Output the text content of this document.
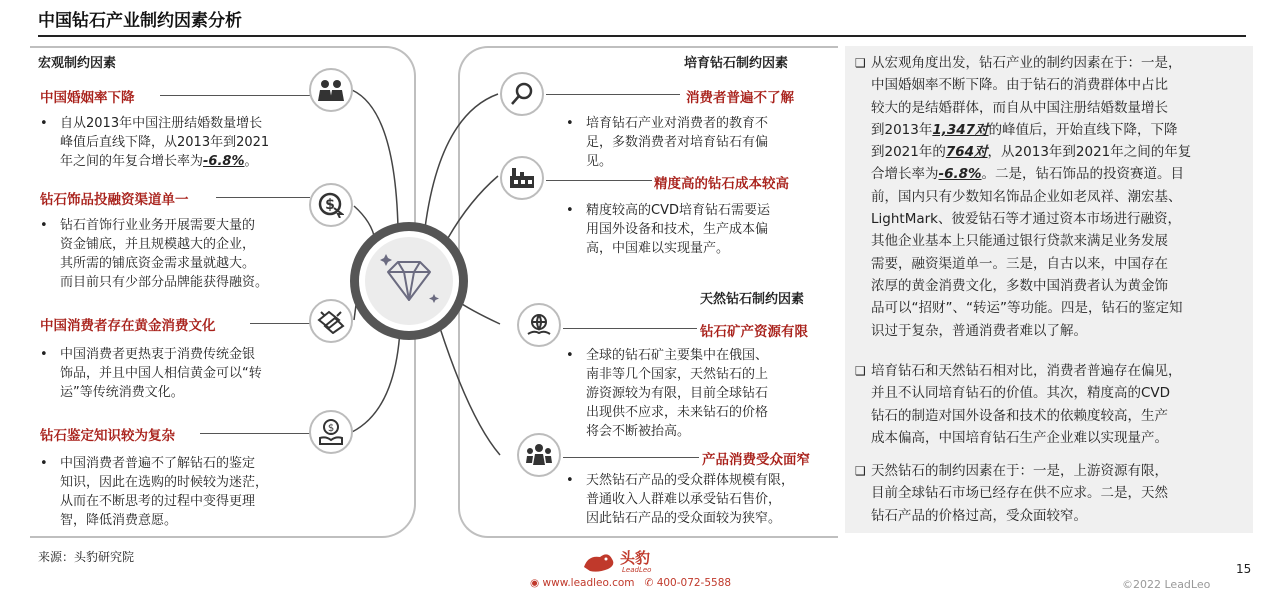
中国钻石产业制约因素分析
宏观制约因素
中国婚姻率下降
• 自从2013年中国注册结婚数量增长
峰值后直线下降，从2013年到2021
年之间的年复合增长率为-6.8%。
钻石饰品投融资渠道单一	$
• 钻石首饰行业业务开展需要大量的
资金铺底，并且规模越大的企业，
其所需的铺底资金需求量就越大。
而目前只有少部分品牌能获得融资。
中国消费者存在黄金消费文化
• 中国消费者更热衷于消费传统金银
饰品，并且中国人相信黄金可以“转
运”等传统消费文化。
钻石鉴定知识较为复杂	$
• 中国消费者普遍不了解钻石的鉴定
知识，因此在选购的时候较为迷茫，
从而在不断思考的过程中变得更理
智，降低消费意愿。
培育钻石制约因素
消费者普遍不了解
• 培育钻石产业对消费者的教育不
足，多数消费者对培育钻石有偏
见。
精度高的钻石成本较高
• 精度较高的CVD培育钻石需要运
用国外设备和技术，生产成本偏
高，中国难以实现量产。
天然钻石制约因素
钻石矿产资源有限
• 全球的钻石矿主要集中在俄国、
南非等几个国家，天然钻石的上
游资源较为有限，目前全球钻石
出现供不应求，未来钻石的价格
将会不断被抬高。
产品消费受众面窄
• 天然钻石产品的受众群体规模有限，
普通收入人群难以承受钻石售价，
因此钻石产品的受众面较为狭窄。
❑ 从宏观角度出发，钻石产业的制约因素在于：一是，
中国婚姻率不断下降。由于钻石的消费群体中占比
较大的是结婚群体，而自从中国注册结婚数量增长
到2013年1,347对的峰值后，开始直线下降，下降
到2021年的764对，从2013年到2021年之间的年复
合增长率为-6.8%。二是，钻石饰品的投资赛道。目
前，国内只有少数知名饰品企业如老凤祥、潮宏基、
LightMark、彼爱钻石等才通过资本市场进行融资，
其他企业基本上只能通过银行贷款来满足业务发展
需要，融资渠道单一。三是，自古以来，中国存在
浓厚的黄金消费文化，多数中国消费者认为黄金饰
品可以“招财”、“转运”等功能。四是，钻石的鉴定知
识过于复杂，普通消费者难以了解。
❑ 培育钻石和天然钻石相对比，消费者普遍存在偏见，
并且不认同培育钻石的价值。其次，精度高的CVD
钻石的制造对国外设备和技术的依赖度较高，生产
成本偏高，中国培育钻石生产企业难以实现量产。
❑ 天然钻石的制约因素在于：一是，上游资源有限，
目前全球钻石市场已经存在供不应求。二是，天然
钻石产品的价格过高，受众面较窄。
来源：头豹研究院	头豹
LeadLeo
◉ www.leadleo.com ✆ 400-072-5588
15
©2022 LeadLeo
